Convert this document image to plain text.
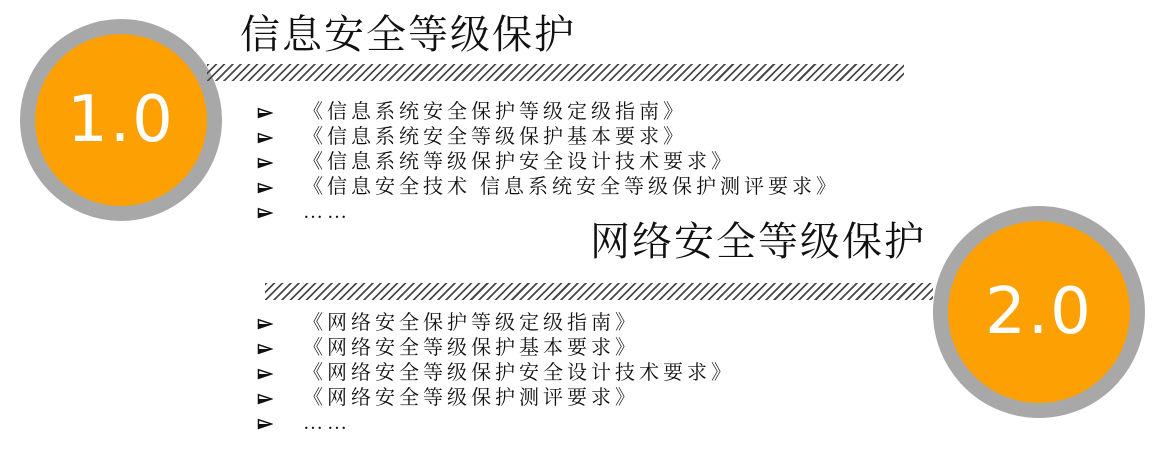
1.0
信息安全等级保护
《信息系统安全保护等级定级指南》
《信息系统安全等级保护基本要求》
《信息系统等级保护安全设计技术要求》
《信息安全技术 信息系统安全等级保护测评要求》
……
网络安全等级保护
《网络安全保护等级定级指南》
《网络安全等级保护基本要求》
《网络安全等级保护安全设计技术要求》
《网络安全等级保护测评要求》
……
2.0
